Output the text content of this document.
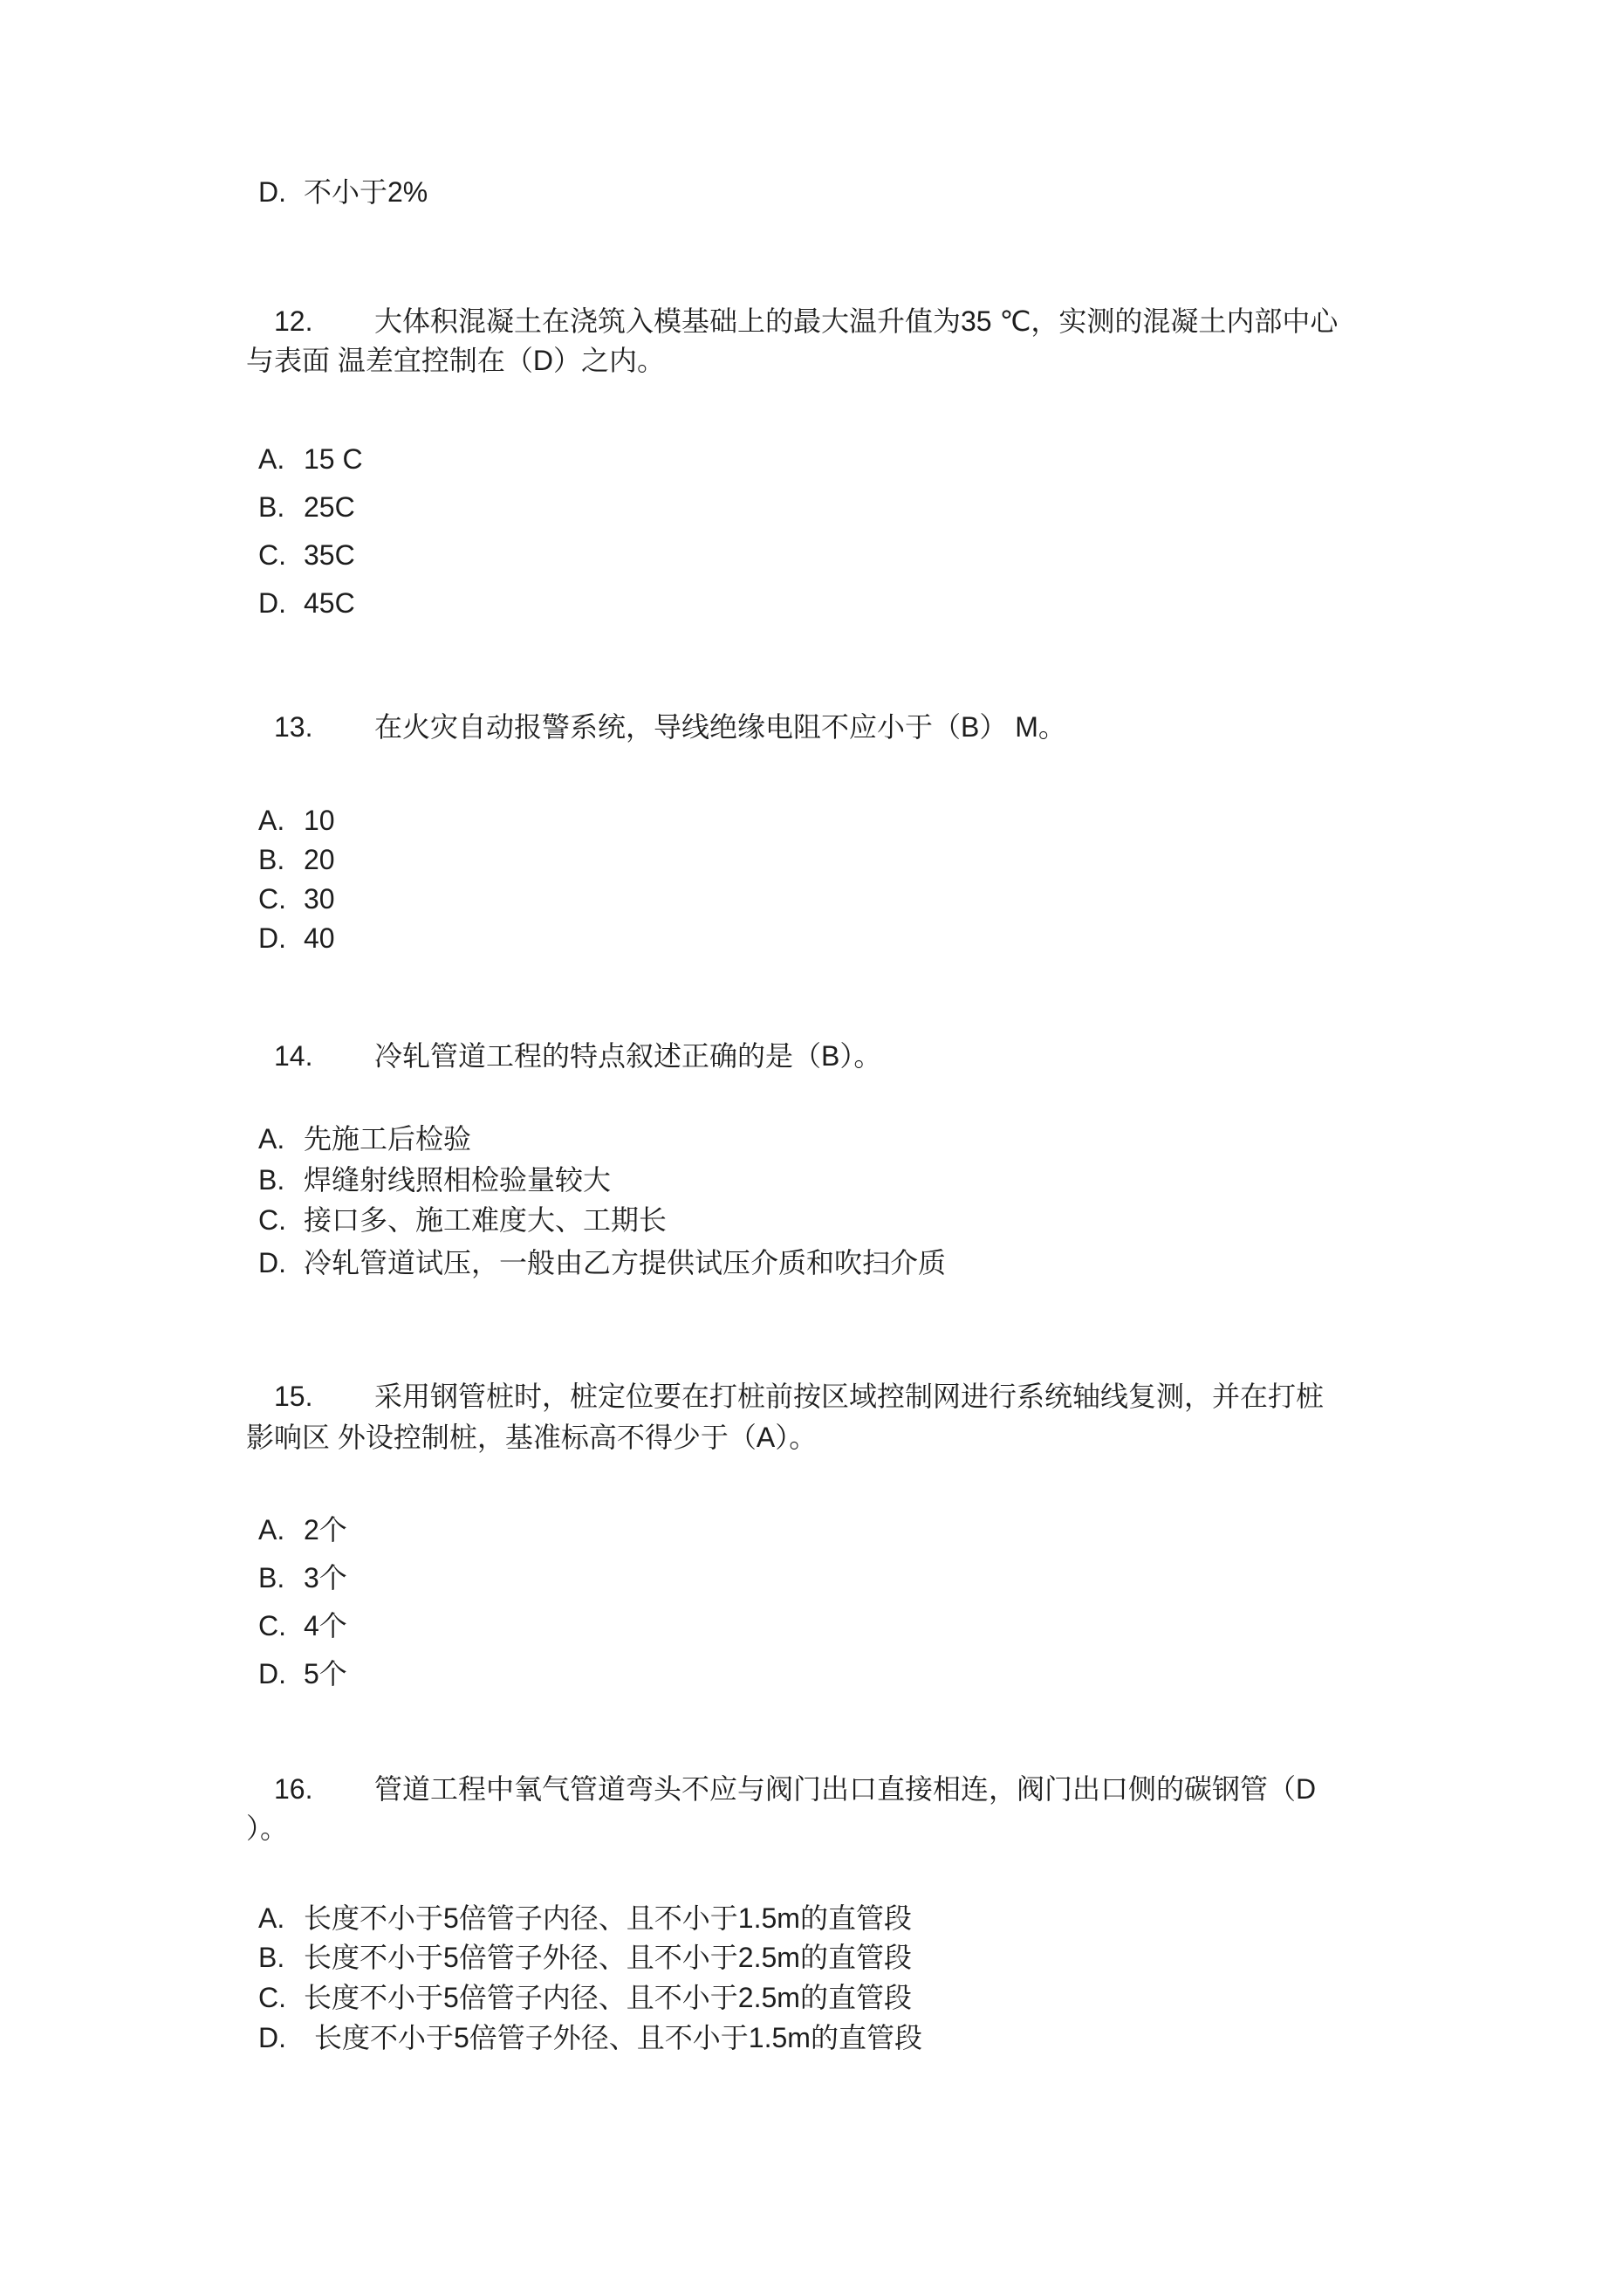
D. 不小于2%
12. 大体积混凝土在浇筑入模基础上的最大温升值为35 ℃，实测的混凝土内部中心
与表面 温差宜控制在（D）之内。
A. 15 C
B. 25C
C. 35C
D. 45C
13. 在火灾自动报警系统，导线绝缘电阻不应小于（B） M。
A. 10
B. 20
C. 30
D. 40
14. 冷轧管道工程的特点叙述正确的是（B）。
A. 先施工后检验
B. 焊缝射线照相检验量较大
C. 接口多、施工难度大、工期长
D. 冷轧管道试压，一般由乙方提供试压介质和吹扫介质
15. 采用钢管桩时，桩定位要在打桩前按区域控制网进行系统轴线复测，并在打桩
影响区 外设控制桩，基准标高不得少于（A）。
A. 2个
B. 3个
C. 4个
D. 5个
16. 管道工程中氧气管道弯头不应与阀门出口直接相连，阀门出口侧的碳钢管（D
）。
A. 长度不小于5倍管子内径、且不小于1.5m的直管段
B. 长度不小于5倍管子外径、且不小于2.5m的直管段
C. 长度不小于5倍管子内径、且不小于2.5m的直管段
D. 长度不小于5倍管子外径、且不小于1.5m的直管段
